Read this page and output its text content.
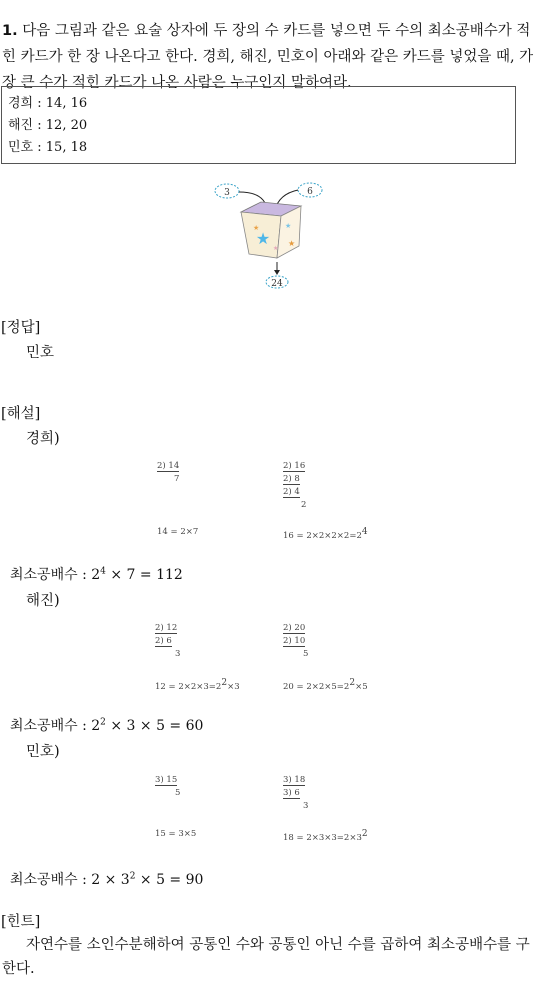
1. 다음 그림과 같은 요술 상자에 두 장의 수 카드를 넣으면 두 수의 최소공배수가 적힌 카드가 한 장 나온다고 한다. 경희, 해진, 민호이 아래와 같은 카드를 넣었을 때, 가장 큰 수가 적힌 카드가 나온 사람은 누구인지 말하여라.
경희 : 14, 16
해진 : 12, 20
민호 : 15, 18
3	6
★
★	★
★
★
24
[정답]
민호
[해설]
경희)
2) 14
7
2) 16
2) 8
2) 4
2
14 = 2×7	$16 = 2\times 2\times 2\times 2=2^4$
최소공배수 : $2^4 \times 7 = 112$
해진)
2) 12
2) 6
3
2) 20
2) 10
5
$12 = 2\times 2\times 3=2^2\times 3$	$20 = 2\times 2\times 5=2^2\times 5$
최소공배수 : $2^2 \times 3 \times 5 = 60$
민호)
3) 15
5
3) 18
3) 6
3
15 = 3×5	$18 = 2\times 3\times 3=2\times 3^2$
최소공배수 : $2 \times 3^2 \times 5 = 90$
[힌트]
자연수를 소인수분해하여 공통인 수와 공통인 아닌 수를 곱하여 최소공배수를 구한다.
